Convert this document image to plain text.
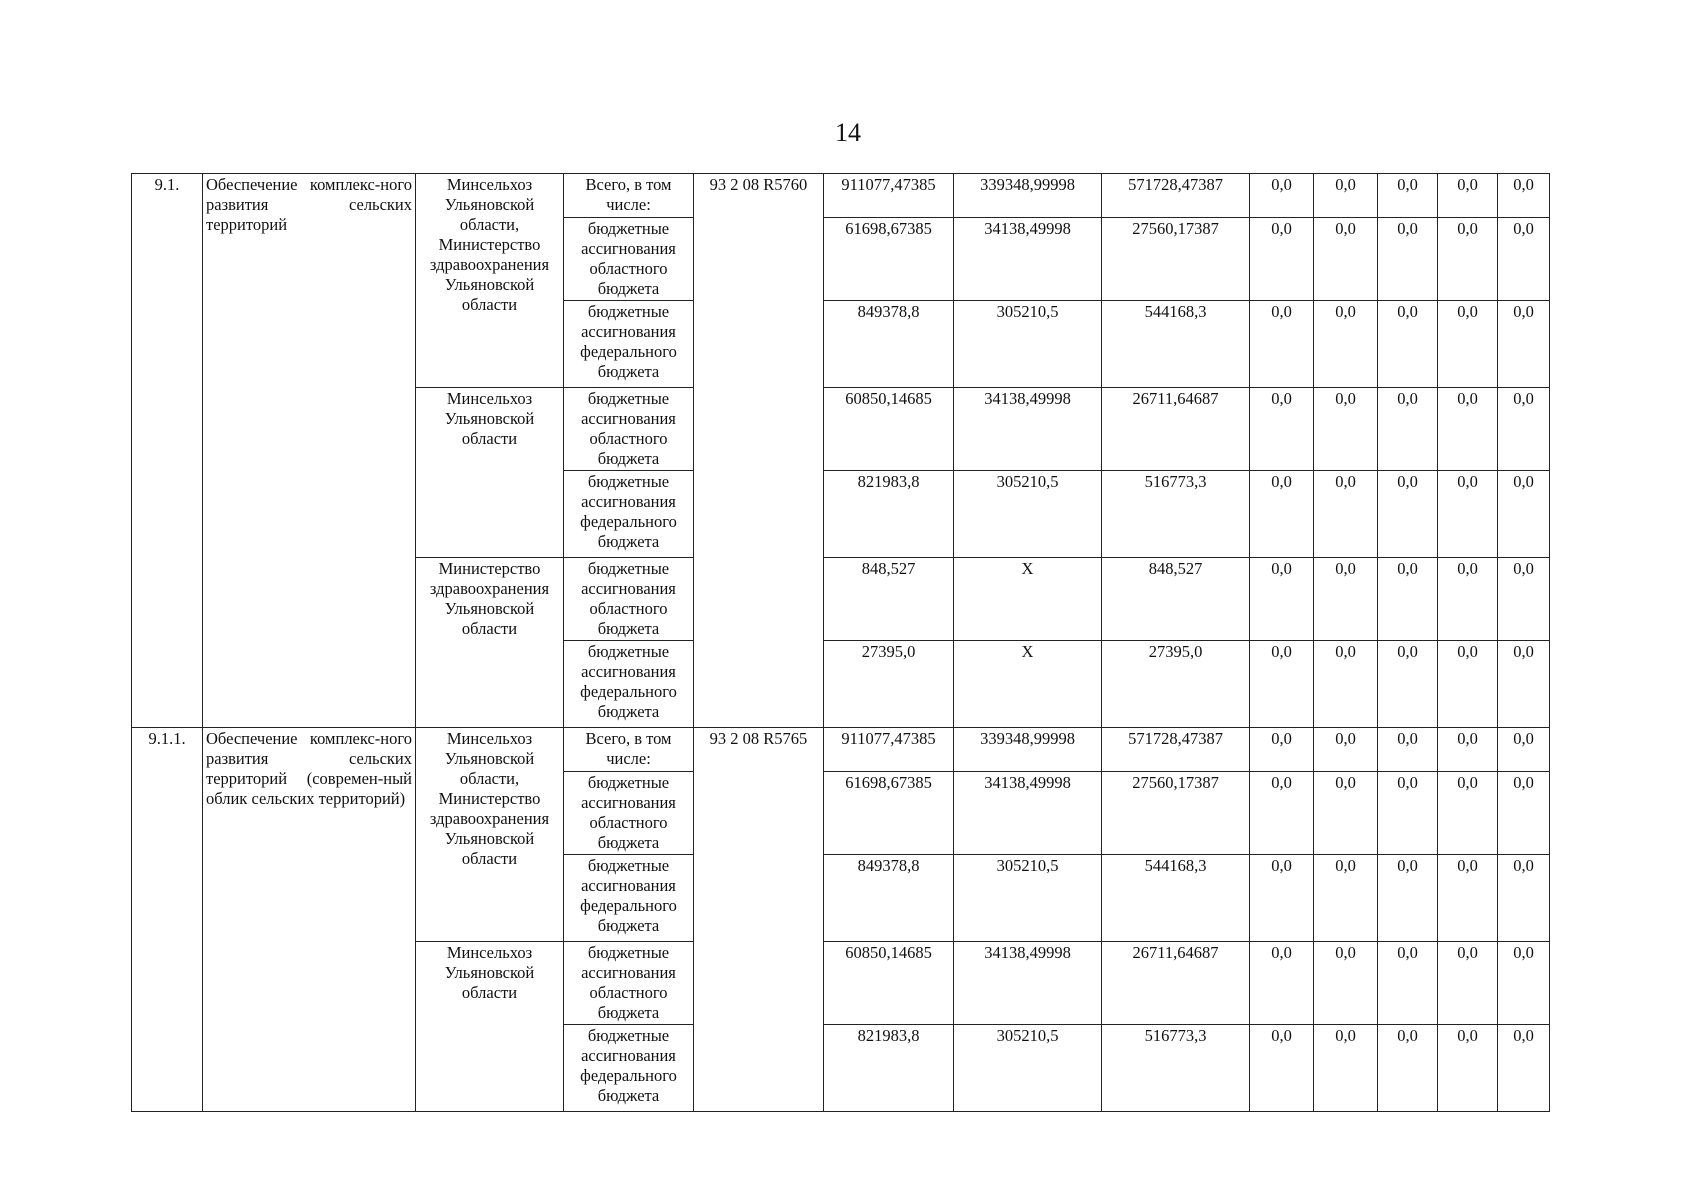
14
9.1.	Обеспечение комплекс-ного развития сельских территорий	Минсельхоз Ульяновской области, Министерство здравоохранения Ульяновской области	Всего, в том числе:	93 2 08 R5760	911077,47385	339348,99998	571728,47387	0,0	0,0	0,0	0,0	0,0
			бюджетные ассигнования областного бюджета		61698,67385	34138,49998	27560,17387	0,0	0,0	0,0	0,0	0,0
			бюджетные ассигнования федерального бюджета		849378,8	305210,5	544168,3	0,0	0,0	0,0	0,0	0,0
		Минсельхоз Ульяновской области	бюджетные ассигнования областного бюджета		60850,14685	34138,49998	26711,64687	0,0	0,0	0,0	0,0	0,0
			бюджетные ассигнования федерального бюджета		821983,8	305210,5	516773,3	0,0	0,0	0,0	0,0	0,0
		Министерство здравоохранения Ульяновской области	бюджетные ассигнования областного бюджета		848,527	X	848,527	0,0	0,0	0,0	0,0	0,0
			бюджетные ассигнования федерального бюджета		27395,0	X	27395,0	0,0	0,0	0,0	0,0	0,0
9.1.1.	Обеспечение комплекс-ного развития сельских территорий (современ-ный облик сельских территорий)	Минсельхоз Ульяновской области, Министерство здравоохранения Ульяновской области	Всего, в том числе:	93 2 08 R5765	911077,47385	339348,99998	571728,47387	0,0	0,0	0,0	0,0	0,0
			бюджетные ассигнования областного бюджета		61698,67385	34138,49998	27560,17387	0,0	0,0	0,0	0,0	0,0
			бюджетные ассигнования федерального бюджета		849378,8	305210,5	544168,3	0,0	0,0	0,0	0,0	0,0
		Минсельхоз Ульяновской области	бюджетные ассигнования областного бюджета		60850,14685	34138,49998	26711,64687	0,0	0,0	0,0	0,0	0,0
			бюджетные ассигнования федерального бюджета		821983,8	305210,5	516773,3	0,0	0,0	0,0	0,0	0,0
